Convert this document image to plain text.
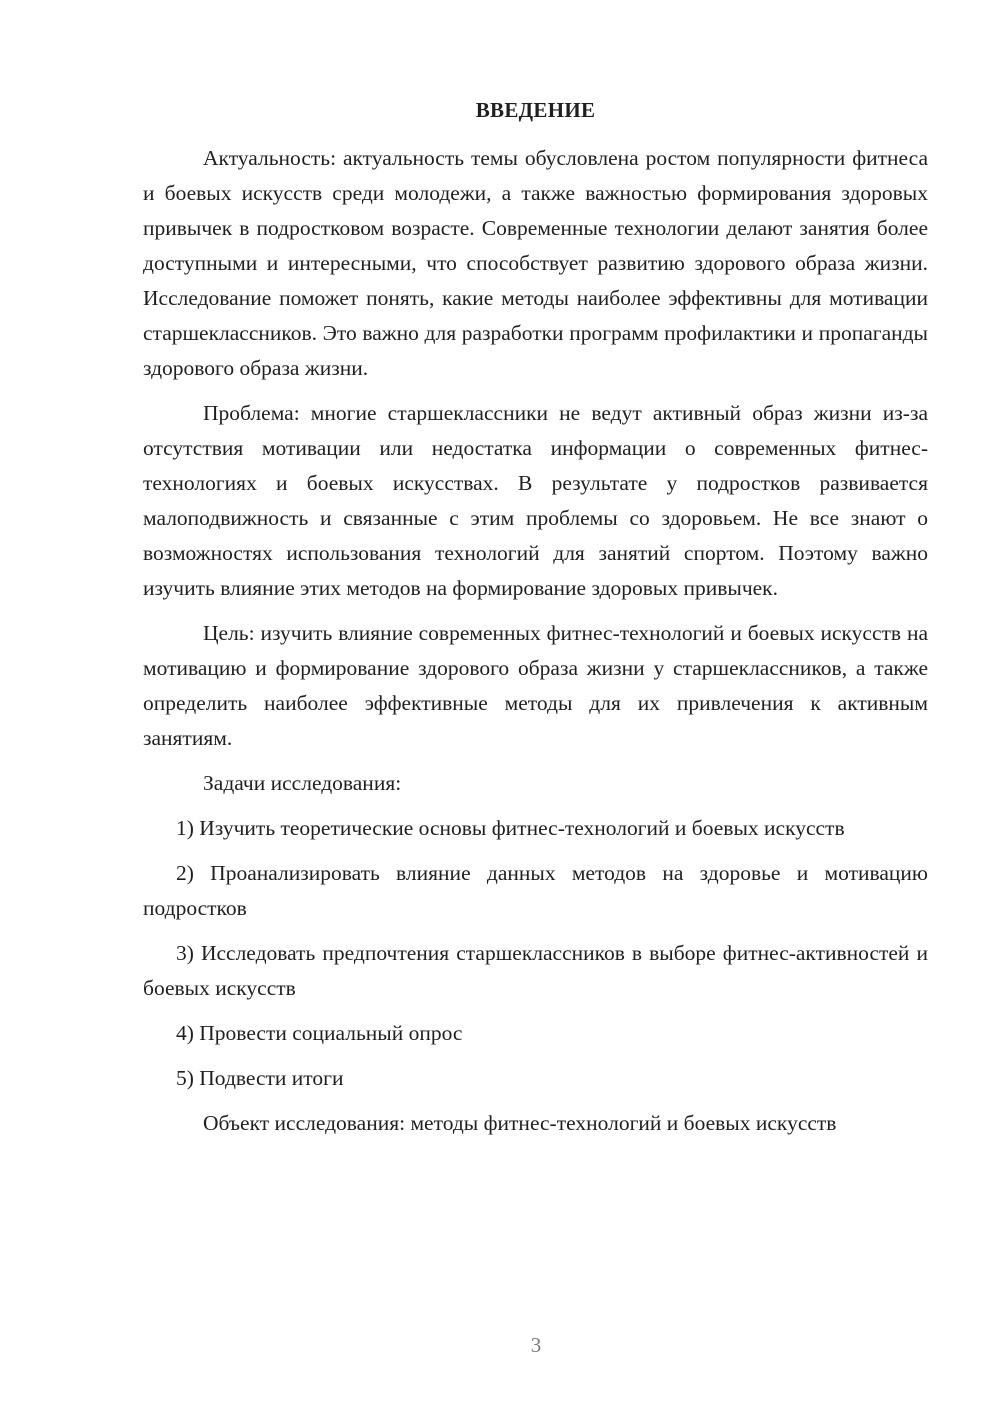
ВВЕДЕНИЕ

Актуальность: актуальность темы обусловлена ростом популярности фитнеса и боевых искусств среди молодежи, а также важностью формирования здоровых привычек в подростковом возрасте. Современные технологии делают занятия более доступными и интересными, что способствует развитию здорового образа жизни. Исследование поможет понять, какие методы наиболее эффективны для мотивации старшеклассников. Это важно для разработки программ профилактики и пропаганды здорового образа жизни.

Проблема: многие старшеклассники не ведут активный образ жизни из-за отсутствия мотивации или недостатка информации о современных фитнес-технологиях и боевых искусствах. В результате у подростков развивается малоподвижность и связанные с этим проблемы со здоровьем. Не все знают о возможностях использования технологий для занятий спортом. Поэтому важно изучить влияние этих методов на формирование здоровых привычек.

Цель: изучить влияние современных фитнес-технологий и боевых искусств на мотивацию и формирование здорового образа жизни у старшеклассников, а также определить наиболее эффективные методы для их привлечения к активным занятиям.

Задачи исследования:

1) Изучить теоретические основы фитнес-технологий и боевых искусств

2) Проанализировать влияние данных методов на здоровье и мотивацию подростков

3) Исследовать предпочтения старшеклассников в выборе фитнес-активностей и боевых искусств

4) Провести социальный опрос

5) Подвести итоги

Объект исследования: методы фитнес-технологий и боевых искусств

3
